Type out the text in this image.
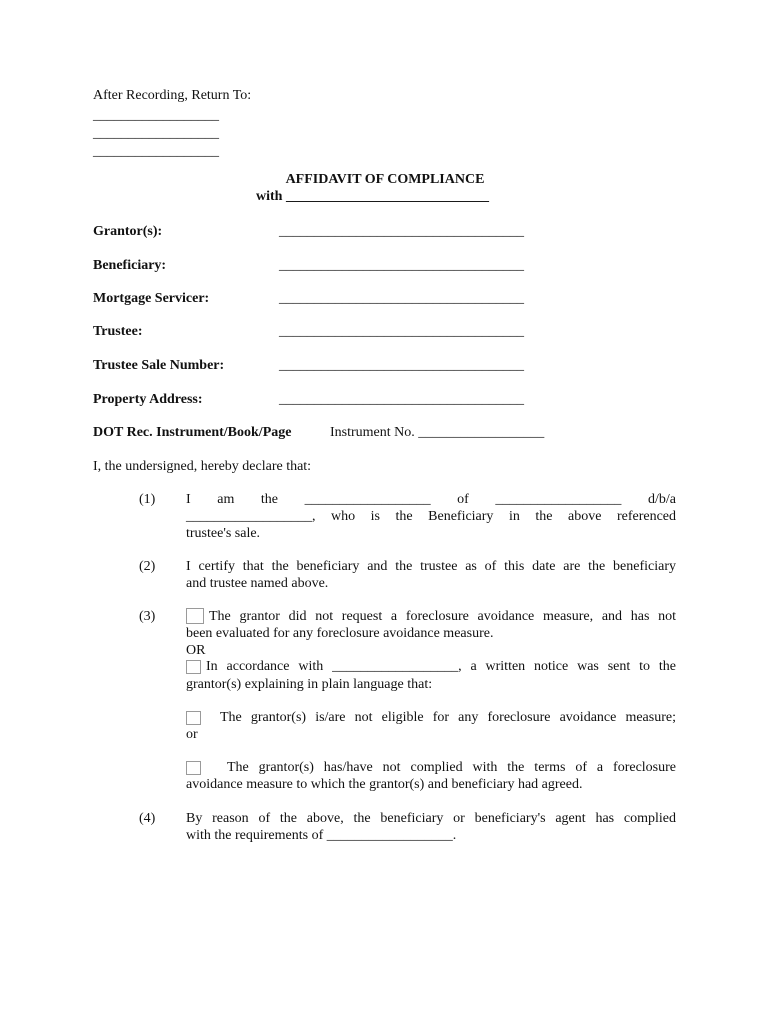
After Recording, Return To:
__________________
__________________
__________________
AFFIDAVIT OF COMPLIANCE
with _____________________________
Grantor(s):	___________________________________
Beneficiary:	___________________________________
Mortgage Servicer:	___________________________________
Trustee:	___________________________________
Trustee Sale Number:	___________________________________
Property Address:	___________________________________
DOT Rec. Instrument/Book/Page	Instrument No. __________________
I, the undersigned, hereby declare that:
(1) I am the __________________ of __________________ d/b/a
__________________, who is the Beneficiary in the above referenced
trustee's sale.
(2) I certify that the beneficiary and the trustee as of this date are the beneficiary
and trustee named above.
(3)	The grantor did not request a foreclosure avoidance measure, and has not
been evaluated for any foreclosure avoidance measure.
OR
In accordance with __________________, a written notice was sent to the
grantor(s) explaining in plain language that:
The grantor(s) is/are not eligible for any foreclosure avoidance measure;
or
The grantor(s) has/have not complied with the terms of a foreclosure
avoidance measure to which the grantor(s) and beneficiary had agreed.
(4) By reason of the above, the beneficiary or beneficiary's agent has complied
with the requirements of __________________.
